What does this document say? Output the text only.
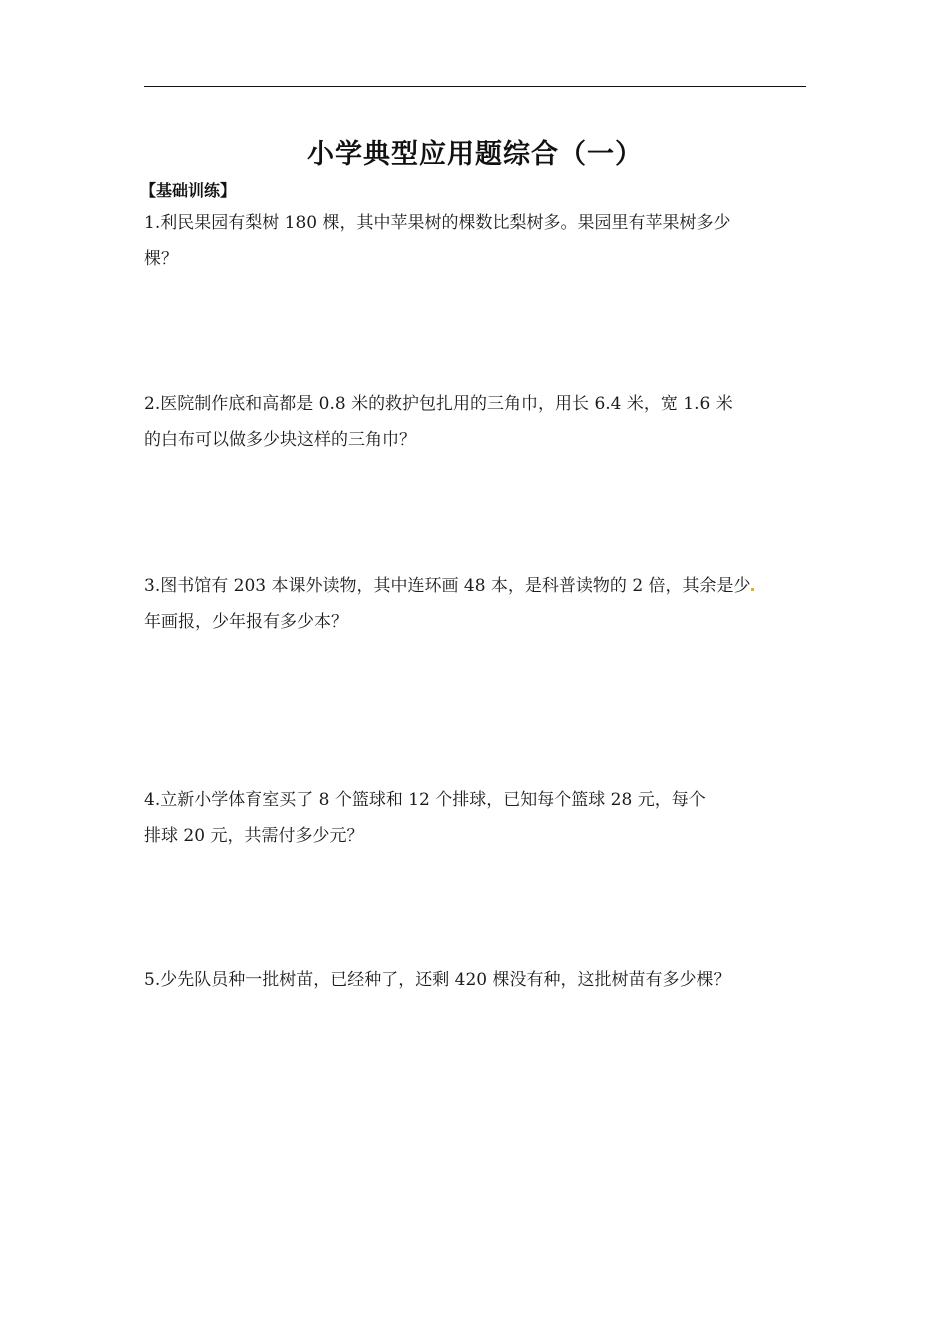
小学典型应用题综合（一）
【基础训练】
1.利民果园有梨树 180 棵，其中苹果树的棵数比梨树多。果园里有苹果树多少
棵？
2.医院制作底和高都是 0.8 米的救护包扎用的三角巾，用长 6.4 米，宽 1.6 米
的白布可以做多少块这样的三角巾？
3.图书馆有 203 本课外读物，其中连环画 48 本，是科普读物的 2 倍，其余是少
年画报，少年报有多少本？
4.立新小学体育室买了 8 个篮球和 12 个排球，已知每个篮球 28 元，每个
排球 20 元，共需付多少元？
5.少先队员种一批树苗，已经种了，还剩 420 棵没有种，这批树苗有多少棵？
